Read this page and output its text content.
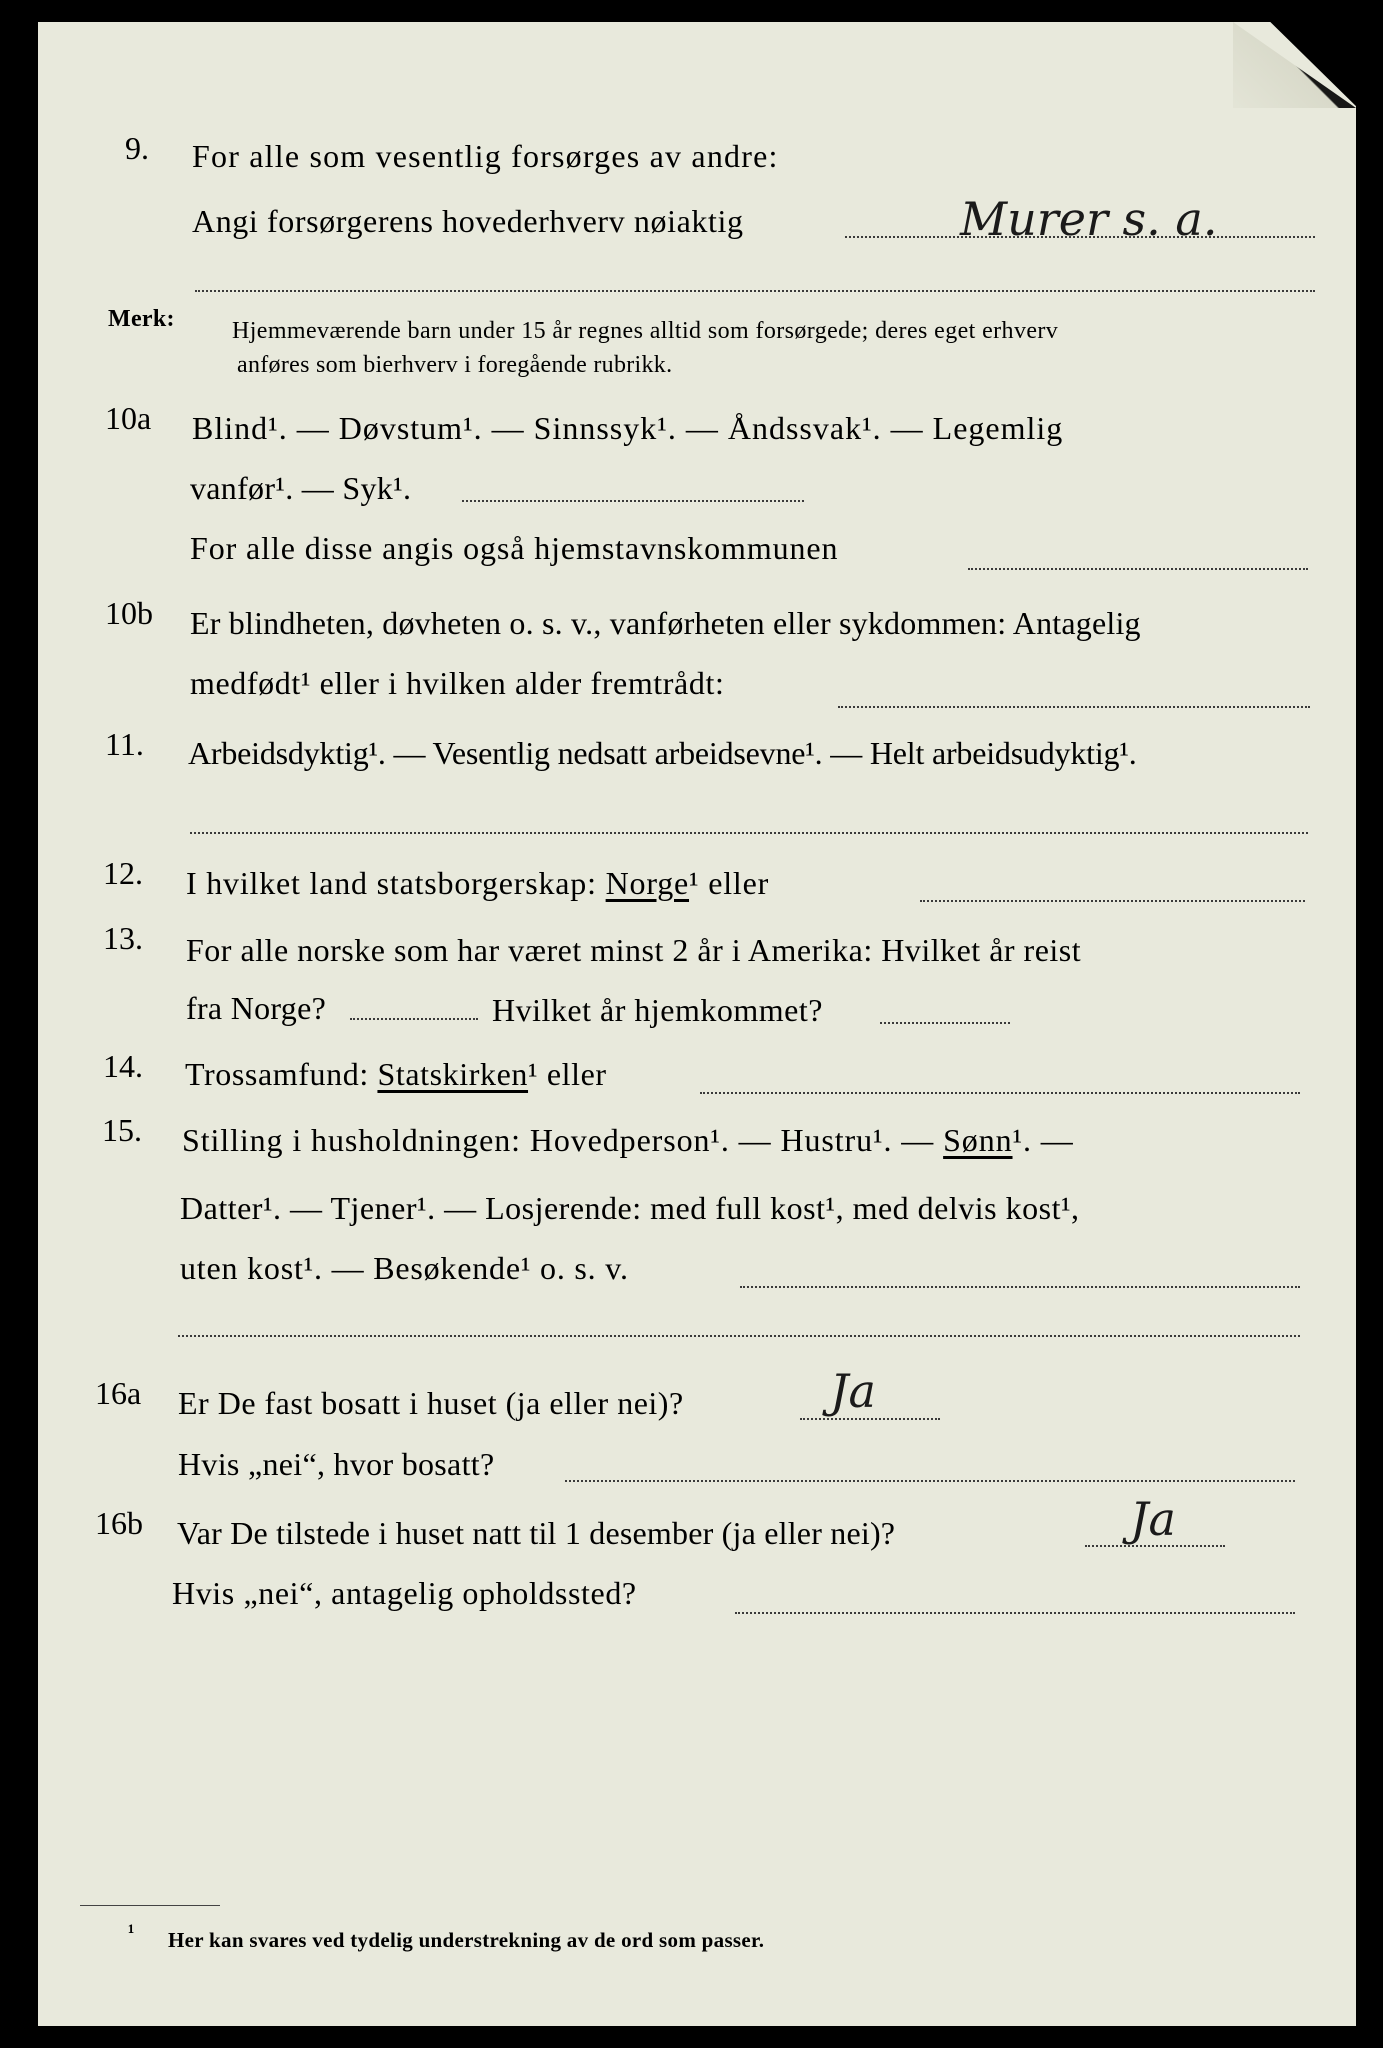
9. For alle som vesentlig forsørges av andre:
Angi forsørgerens hovederhverv nøiaktig	Murer s. a.
Merk: Hjemmeværende barn under 15 år regnes alltid som forsørgede; deres eget erhverv
anføres som bierhverv i foregående rubrikk.
10a Blind¹. — Døvstum¹. — Sinnssyk¹. — Åndssvak¹. — Legemlig
vanfør¹. — Syk¹.
For alle disse angis også hjemstavnskommunen
10b Er blindheten, døvheten o. s. v., vanførheten eller sykdommen: Antagelig
medfødt¹ eller i hvilken alder fremtrådt:
11. Arbeidsdyktig¹. — Vesentlig nedsatt arbeidsevne¹. — Helt arbeidsudyktig¹.
12. I hvilket land statsborgerskap: Norge¹ eller
13. For alle norske som har været minst 2 år i Amerika: Hvilket år reist
fra Norge?	Hvilket år hjemkommet?
14. Trossamfund: Statskirken¹ eller
15. Stilling i husholdningen: Hovedperson¹. — Hustru¹. — Sønn¹. —
Datter¹. — Tjener¹. — Losjerende: med full kost¹, med delvis kost¹,
uten kost¹. — Besøkende¹ o. s. v.
16a Er De fast bosatt i huset (ja eller nei)?	Ja
Hvis „nei“, hvor bosatt?
16b Var De tilstede i huset natt til 1 desember (ja eller nei)?	Ja
Hvis „nei“, antagelig opholdssted?
¹ Her kan svares ved tydelig understrekning av de ord som passer.
